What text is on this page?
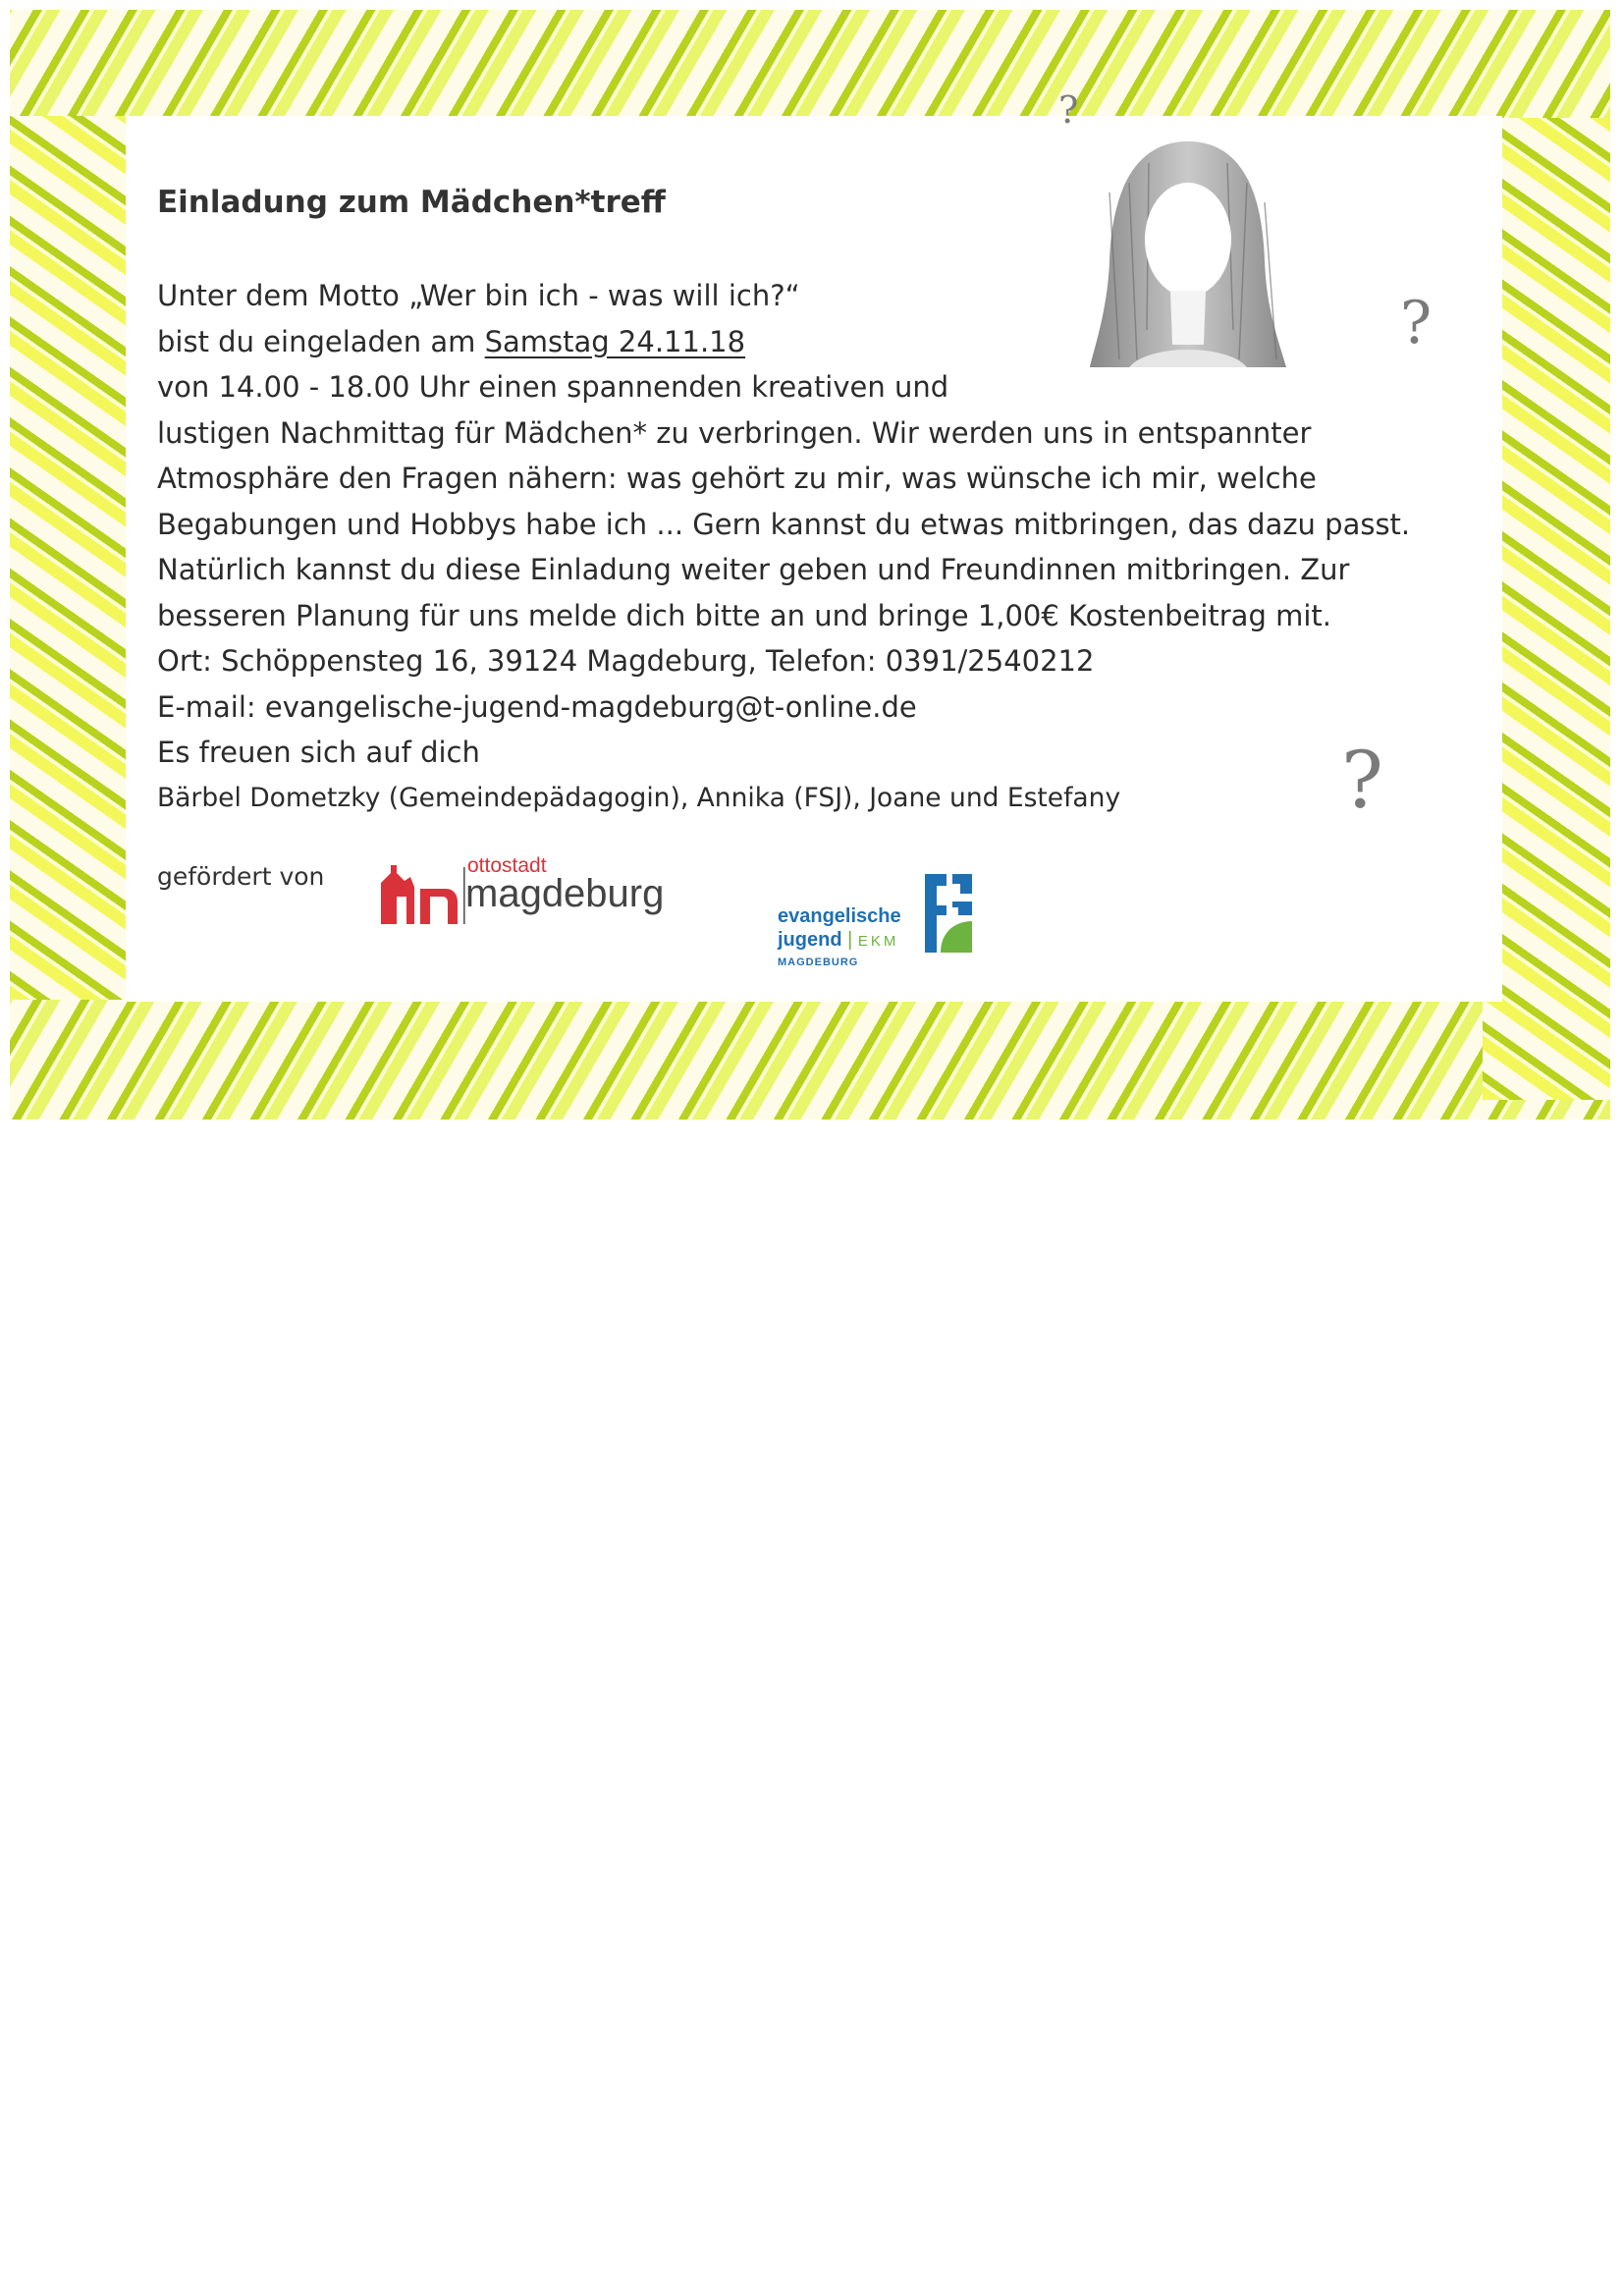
Einladung zum Mädchen*treff
Unter dem Motto „Wer bin ich - was will ich?“
bist du eingeladen am Samstag 24.11.18
von 14.00 - 18.00 Uhr einen spannenden kreativen und
lustigen Nachmittag für Mädchen* zu verbringen. Wir werden uns in entspannter
Atmosphäre den Fragen nähern: was gehört zu mir, was wünsche ich mir, welche
Begabungen und Hobbys habe ich ... Gern kannst du etwas mitbringen, das dazu passt.
Natürlich kannst du diese Einladung weiter geben und Freundinnen mitbringen. Zur
besseren Planung für uns melde dich bitte an und bringe 1,00€ Kostenbeitrag mit.
Ort: Schöppensteg 16, 39124 Magdeburg, Telefon: 0391/2540212
E-mail: evangelische-jugend-magdeburg@t-online.de
Es freuen sich auf dich
Bärbel Dometzky (Gemeindepädagogin), Annika (FSJ), Joane und Estefany
?
?
?
gefördert von	ottostadt
magdeburg
evangelische
jugend | EKM
MAGDEBURG
